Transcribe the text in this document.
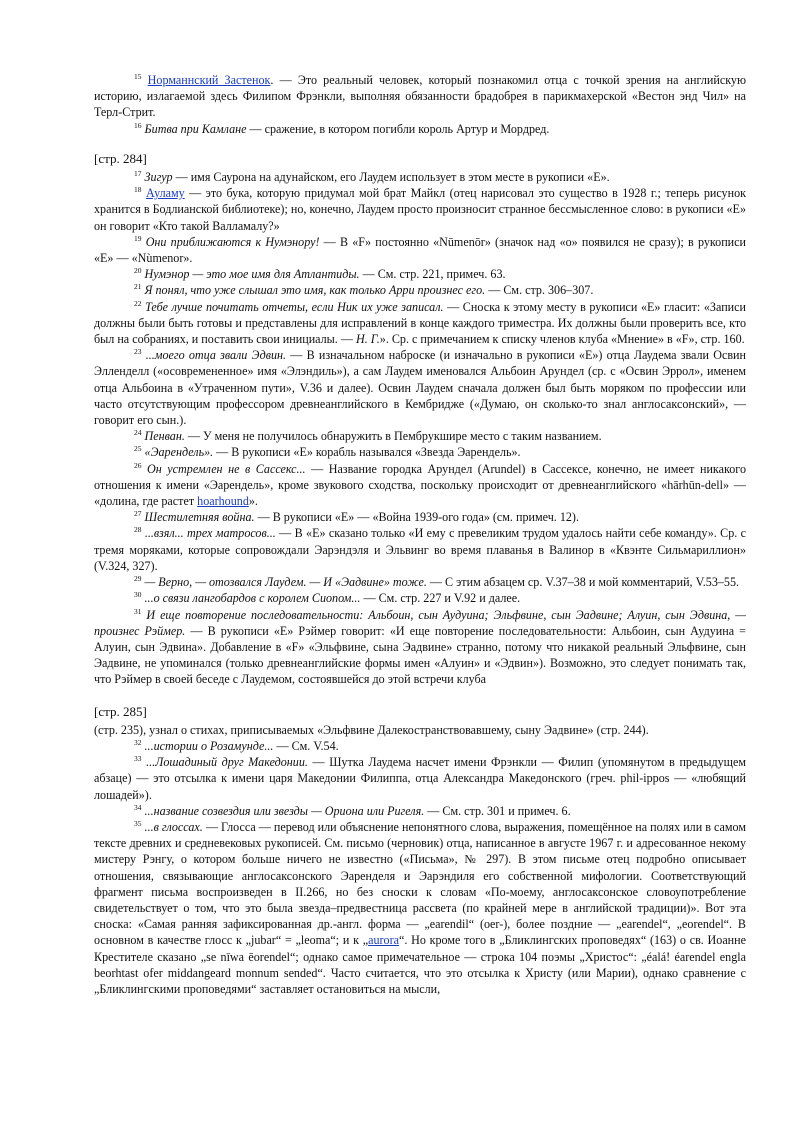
$^{15}$ Норманнский Застенок. — Это реальный человек, который познакомил отца с точкой зрения на английскую историю, излагаемой здесь Филипом Фрэнкли, выполняя обязанности брадобрея в парикмахерской «Вестон энд Чил» на Терл-Стрит.

$^{16}$ Битва при Камлане — сражение, в котором погибли король Артур и Мордред.

[стр. 284]

$^{17}$ Зигур — имя Саурона на адунайском, его Лаудем использует в этом месте в рукописи «Е».

$^{18}$ Ауламу — это бука, которую придумал мой брат Майкл (отец нарисовал это существо в 1928 г.; теперь рисунок хранится в Бодлианской библиотеке); но, конечно, Лаудем просто произносит странное бессмысленное слово: в рукописи «Е» он говорит «Кто такой Валламалу?»

$^{19}$ Они приближаются к Нумэнору! — В «F» постоянно «Nūmenōr» (значок над «о» появился не сразу); в рукописи «Е» — «Nùmenor».

$^{20}$ Нумэнор — это мое имя для Атлантиды. — См. стр. 221, примеч. 63.

$^{21}$ Я понял, что уже слышал это имя, как только Арри произнес его. — См. стр. 306–307.

$^{22}$ Тебе лучше почитать отчеты, если Ник их уже записал. — Сноска к этому месту в рукописи «Е» гласит: «Записи должны были быть готовы и представлены для исправлений в конце каждого триместра. Их должны были проверить все, кто был на собраниях, и поставить свои инициалы. — Н. Г.». Ср. с примечанием к списку членов клуба «Мнение» в «F», стр. 160.

$^{23}$ ...моего отца звали Эдвин. — В изначальном наброске (и изначально в рукописи «Е») отца Лаудема звали Освин Элленделл («осовремененное» имя «Элэндиль»), а сам Лаудем именовался Альбоин Арундел (ср. с «Освин Эррол», именем отца Альбоина в «Утраченном пути», V.36 и далее). Освин Лаудем сначала должен был быть моряком по профессии или часто отсутствующим профессором древнеанглийского в Кембридже («Думаю, он сколько-то знал англосаксонский», — говорит его сын.).

$^{24}$ Пенван. — У меня не получилось обнаружить в Пембрукшире место с таким названием.

$^{25}$ «Эарендель». — В рукописи «Е» корабль назывался «Звезда Эарендель».

$^{26}$ Он устремлен не в Сассекс... — Название городка Арундел (Arundel) в Сассексе, конечно, не имеет никакого отношения к имени «Эарендель», кроме звукового сходства, поскольку происходит от древнеанглийского «hārhūn-dell» — «долина, где растет hoarhound».

$^{27}$ Шестилетняя война. — В рукописи «Е» — «Война 1939-ого года» (см. примеч. 12).

$^{28}$ ...взял... трех матросов... — В «Е» сказано только «И ему с превеликим трудом удалось найти себе команду». Ср. с тремя моряками, которые сопровождали Эарэндэля и Эльвинг во время плаванья в Валинор в «Квэнте Сильмариллион» (V.324, 327).

$^{29}$ — Верно, — отозвался Лаудем. — И «Эадвине» тоже. — С этим абзацем ср. V.37–38 и мой комментарий, V.53–55.

$^{30}$ ...о связи лангобардов с королем Сиопом... — См. стр. 227 и V.92 и далее.

$^{31}$ И еще повторение последовательности: Альбоин, сын Аудуина; Эльфвине, сын Эадвине; Алуин, сын Эдвина, — произнес Рэймер. — В рукописи «Е» Рэймер говорит: «И еще повторение последовательности: Альбоин, сын Аудуина = Алуин, сын Эдвина». Добавление в «F» «Эльфвине, сына Эадвине» странно, потому что никакой реальный Эльфвине, сын Эадвине, не упоминался (только древнеанглийские формы имен «Алуин» и «Эдвин»). Возможно, это следует понимать так, что Рэймер в своей беседе с Лаудемом, состоявшейся до этой встречи клуба

[стр. 285]

(стр. 235), узнал о стихах, приписываемых «Эльфвине Далекостранствовавшему, сыну Эадвине» (стр. 244).

$^{32}$ ...истории о Розамунде... — См. V.54.

$^{33}$ ...Лошадиный друг Македонии. — Шутка Лаудема насчет имени Фрэнкли — Филип (упомянутом в предыдущем абзаце) — это отсылка к имени царя Македонии Филиппа, отца Александра Македонского (греч. phil-ippos — «любящий лошадей»).

$^{34}$ ...название созвездия или звезды — Ориона или Ригеля. — См. стр. 301 и примеч. 6.

$^{35}$ ...в глоссах. — Глосса — перевод или объяснение непонятного слова, выражения, помещённое на полях или в самом тексте древних и средневековых рукописей. См. письмо (черновик) отца, написанное в августе 1967 г. и адресованное некому мистеру Рэнгу, о котором больше ничего не известно («Письма», № 297). В этом письме отец подробно описывает отношения, связывающие англосаксонского Эаренделя и Эарэндиля его собственной мифологии. Соответствующий фрагмент письма воспроизведен в II.266, но без сноски к словам «По-моему, англосаксонское словоупотребление свидетельствует о том, что это была звезда–предвестница рассвета (по крайней мере в английской традиции)». Вот эта сноска: «Самая ранняя зафиксированная др.-англ. форма — „earendil“ (oer-), более поздние — „earendel“, „eorendel“. В основном в качестве глосс к „jubar“ = „leoma“; и к „aurora“. Но кроме того в „Бликлингских проповедях“ (163) о св. Иоанне Крестителе сказано „se nīwa ēorendel“; однако самое примечательное — строка 104 поэмы „Христос“: „éalá! éarendel engla beorhtast ofer middangeard monnum sended“. Часто считается, что это отсылка к Христу (или Марии), однако сравнение с „Бликлингскими проповедями“ заставляет остановиться на мысли,
